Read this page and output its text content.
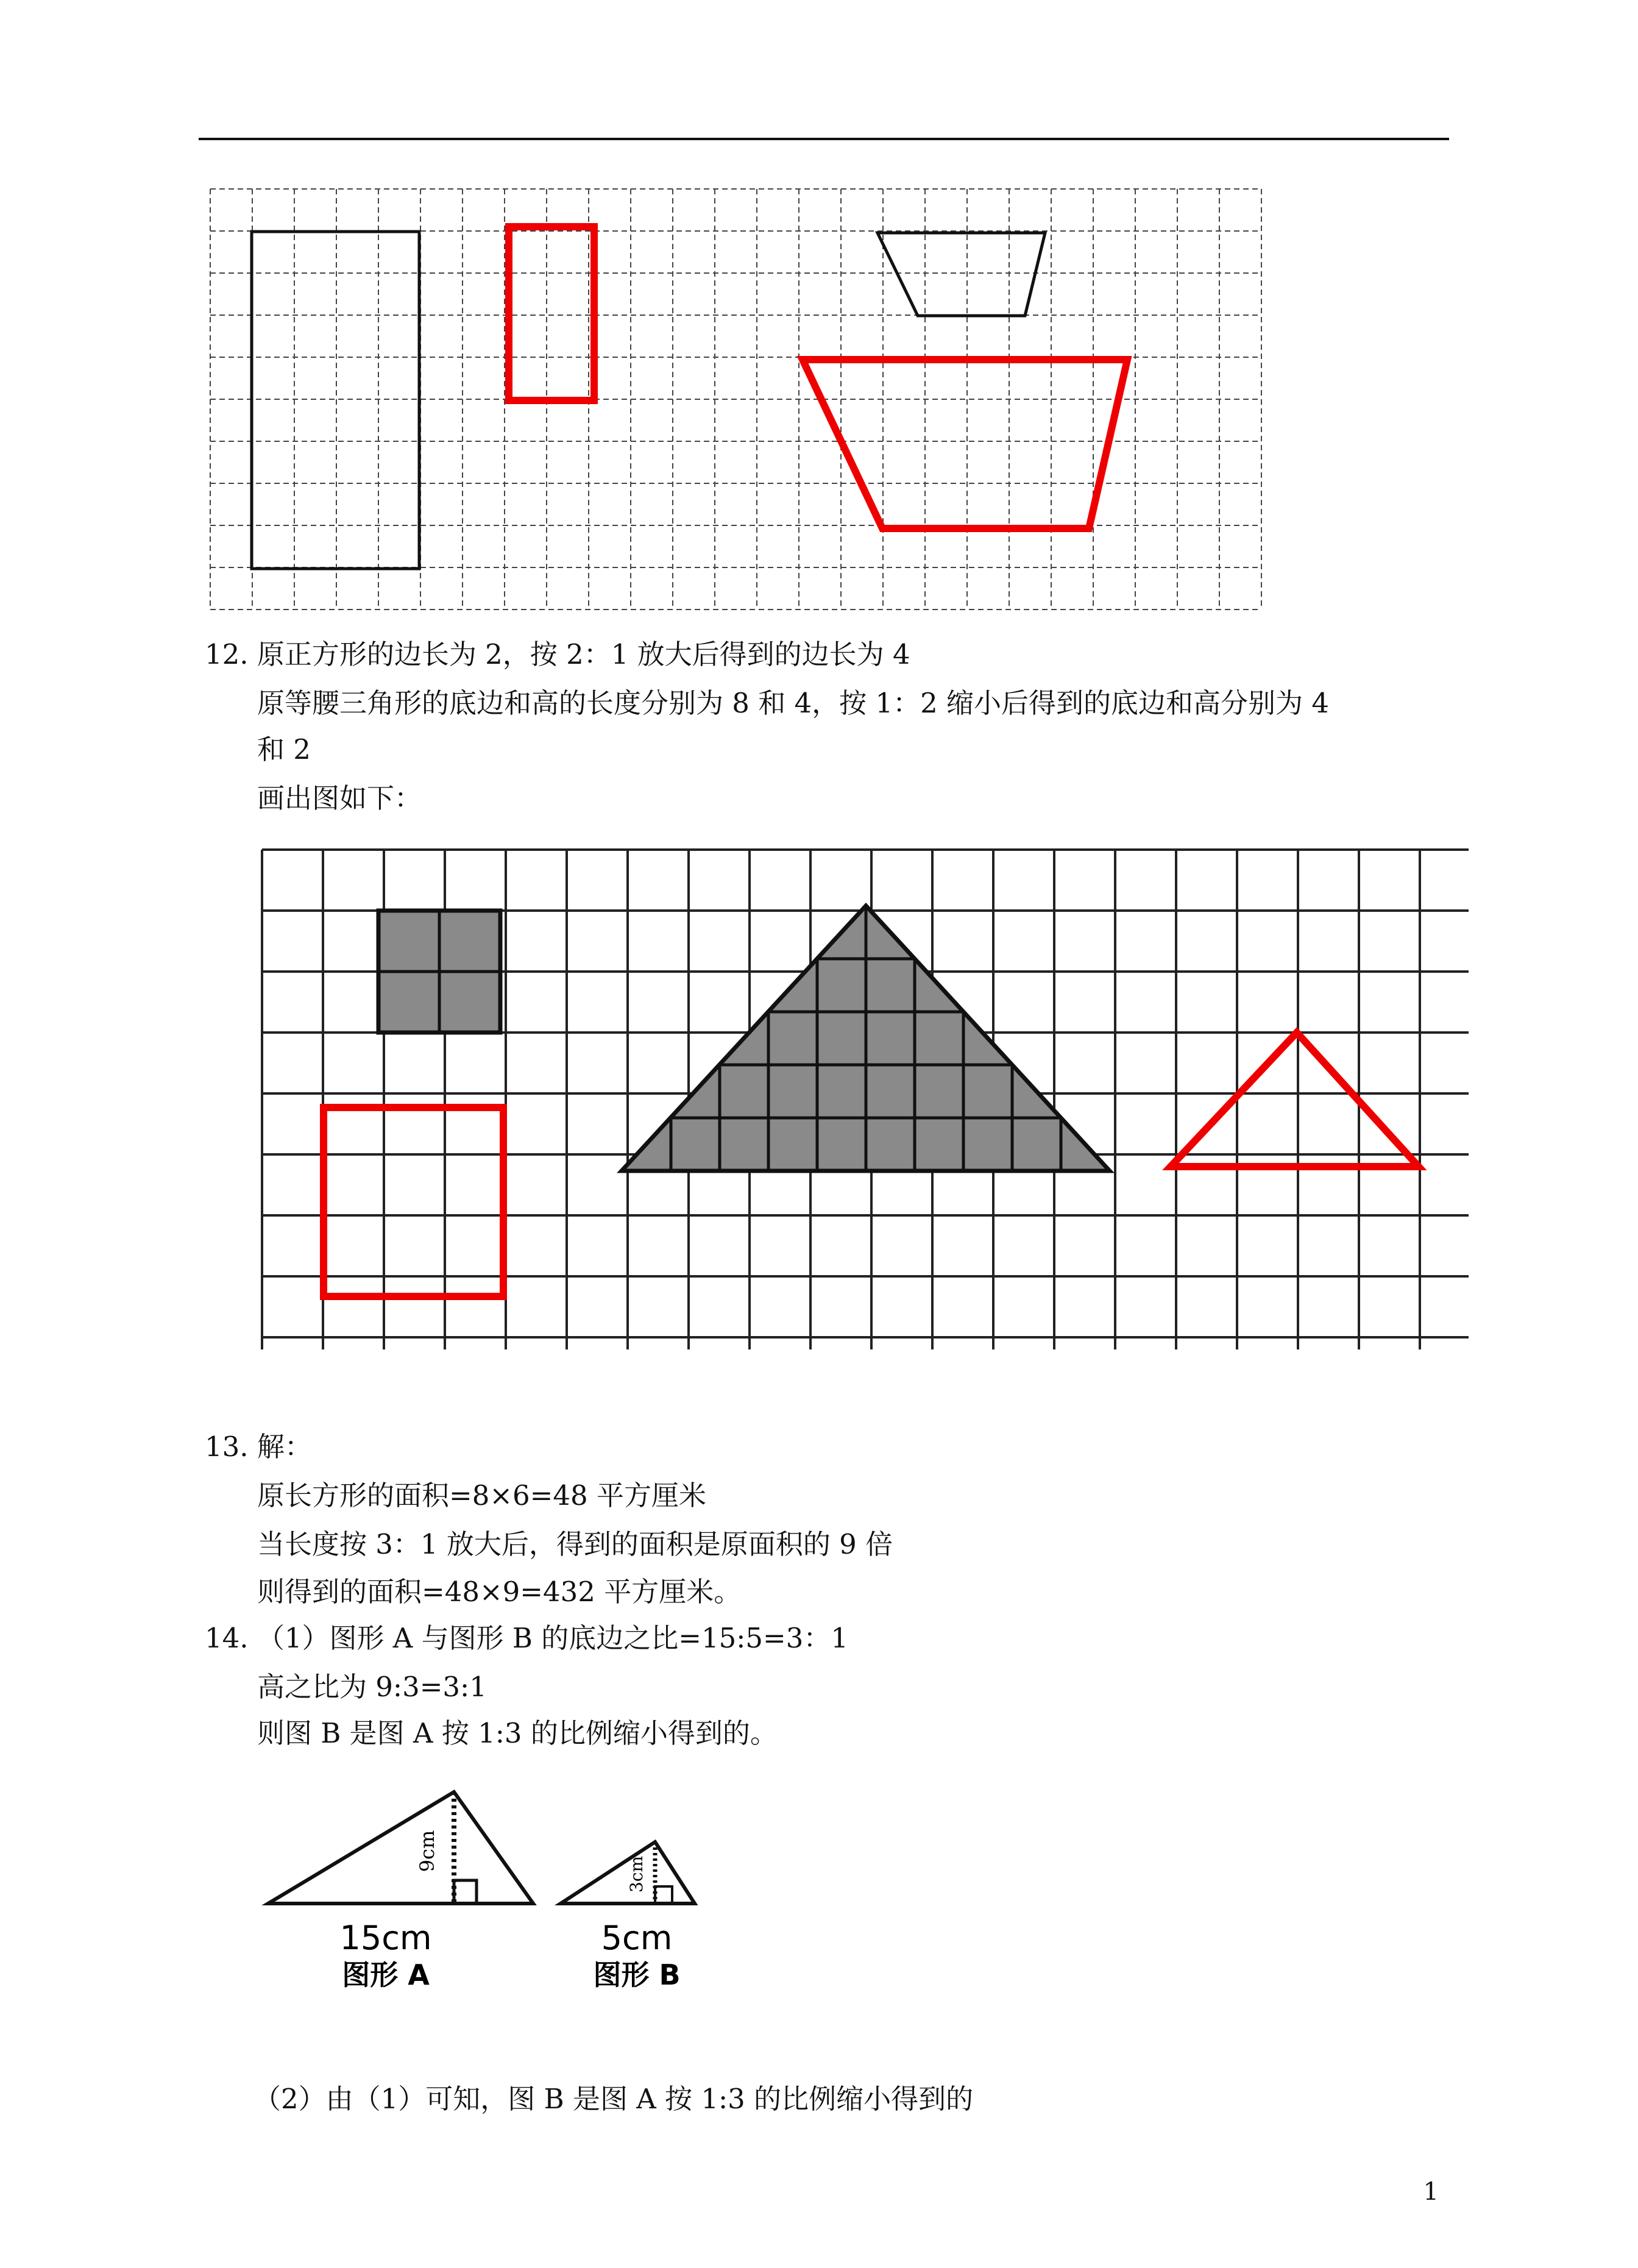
12. 原正方形的边长为 2，按 2：1 放大后得到的边长为 4
原等腰三角形的底边和高的长度分别为 8 和 4，按 1：2 缩小后得到的底边和高分别为 4
和 2
画出图如下：
13. 解：
原长方形的面积=8×6=48 平方厘米
当长度按 3：1 放大后，得到的面积是原面积的 9 倍
则得到的面积=48×9=432 平方厘米。
14. （1）图形 A 与图形 B 的底边之比=15:5=3：1
高之比为 9:3=3:1
则图 B 是图 A 按 1:3 的比例缩小得到的。
9cm
15cm
图形 A
3cm
5cm
图形 B
（2）由（1）可知，图 B 是图 A 按 1:3 的比例缩小得到的
1
